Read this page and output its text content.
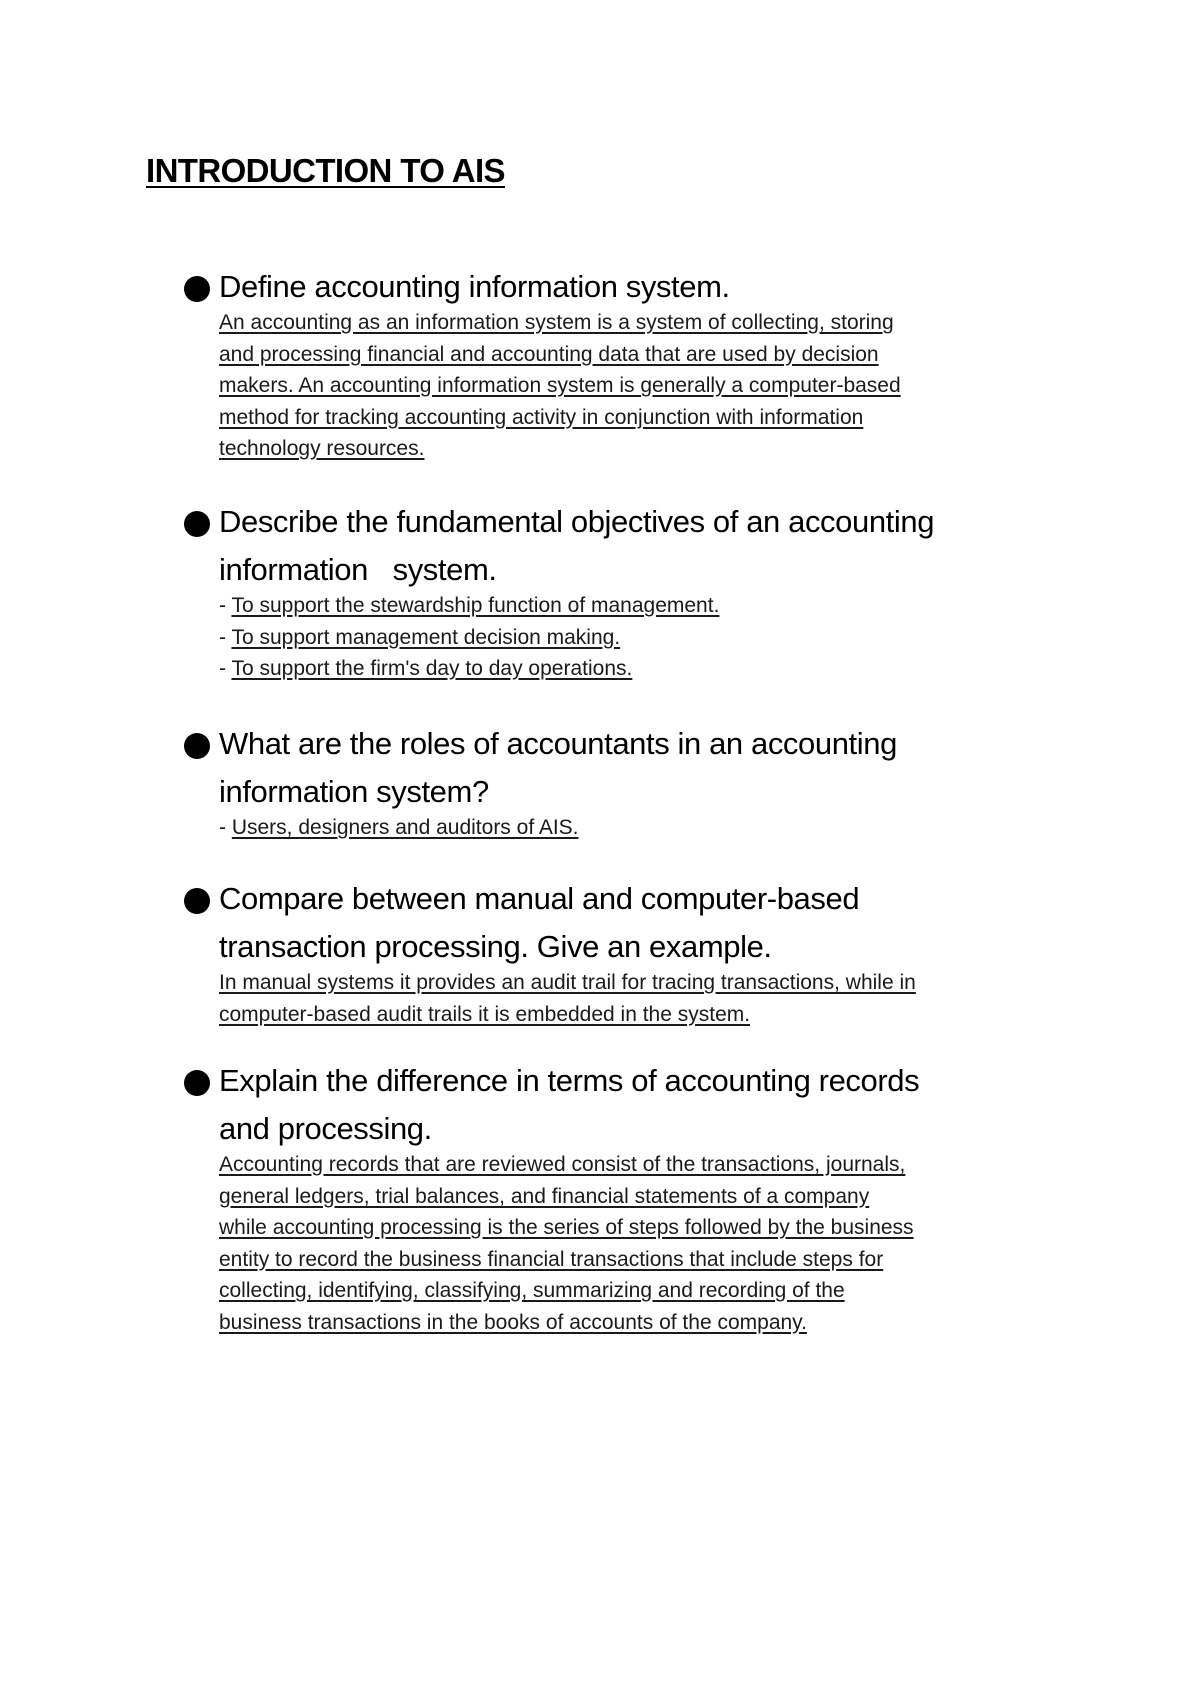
INTRODUCTION TO AIS
Define accounting information system.
An accounting as an information system is a system of collecting, storing
and processing financial and accounting data that are used by decision
makers. An accounting information system is generally a computer-based
method for tracking accounting activity in conjunction with information
technology resources.
Describe the fundamental objectives of an accounting
information   system.
- To support the stewardship function of management.
- To support management decision making.
- To support the firm's day to day operations.
What are the roles of accountants in an accounting
information system?
- Users, designers and auditors of AIS.
Compare between manual and computer-based
transaction processing. Give an example.
In manual systems it provides an audit trail for tracing transactions, while in
computer-based audit trails it is embedded in the system.
Explain the difference in terms of accounting records
and processing.
Accounting records that are reviewed consist of the transactions, journals,
general ledgers, trial balances, and financial statements of a company
while accounting processing is the series of steps followed by the business
entity to record the business financial transactions that include steps for
collecting, identifying, classifying, summarizing and recording of the
business transactions in the books of accounts of the company.
